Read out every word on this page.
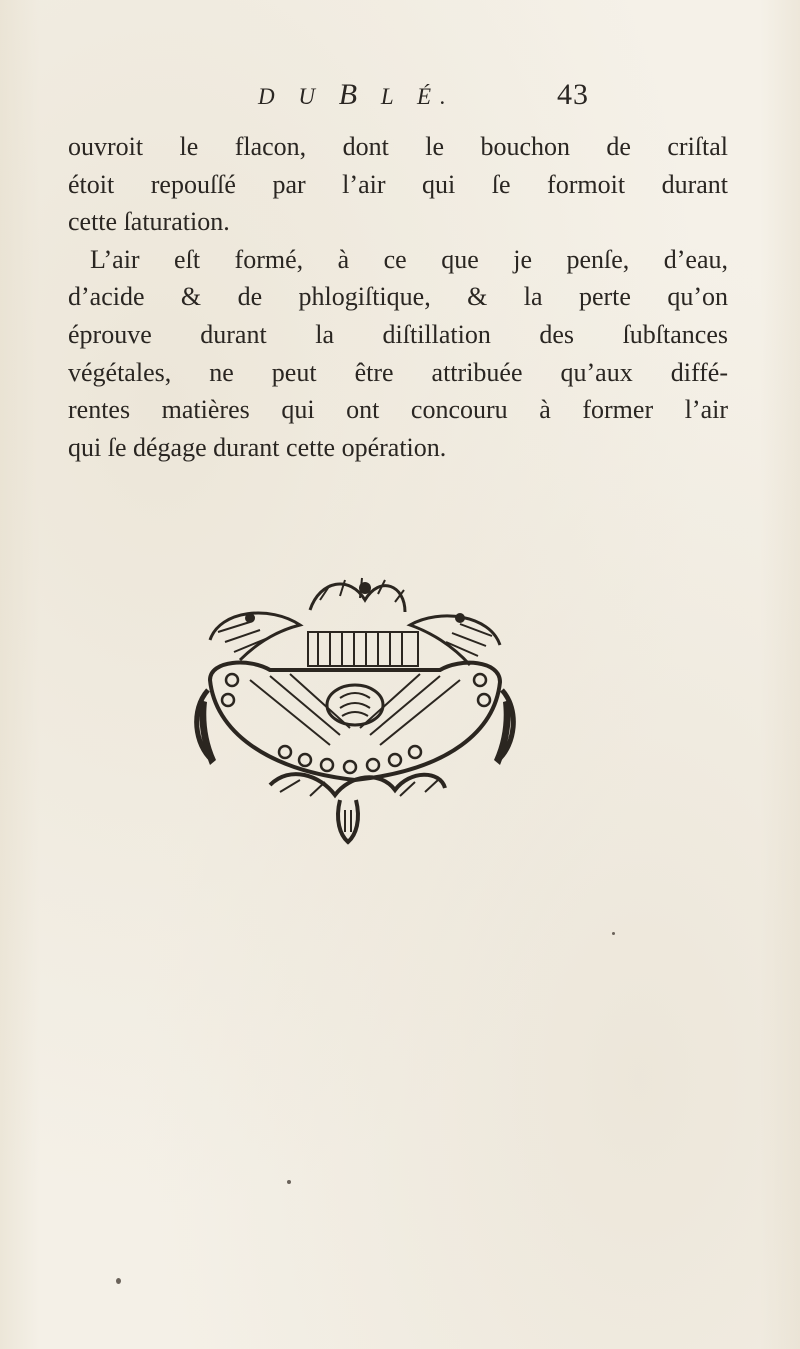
D U B L É.	43
ouvroit le flacon, dont le bouchon de criſtal
étoit repouſſé par l’air qui ſe formoit durant
cette ſaturation.
L’air eſt formé, à ce que je penſe, d’eau,
d’acide & de phlogiſtique, & la perte qu’on
éprouve durant la diſtillation des ſubſtances
végétales, ne peut être attribuée qu’aux diffé-
rentes matières qui ont concouru à former l’air
qui ſe dégage durant cette opération.
